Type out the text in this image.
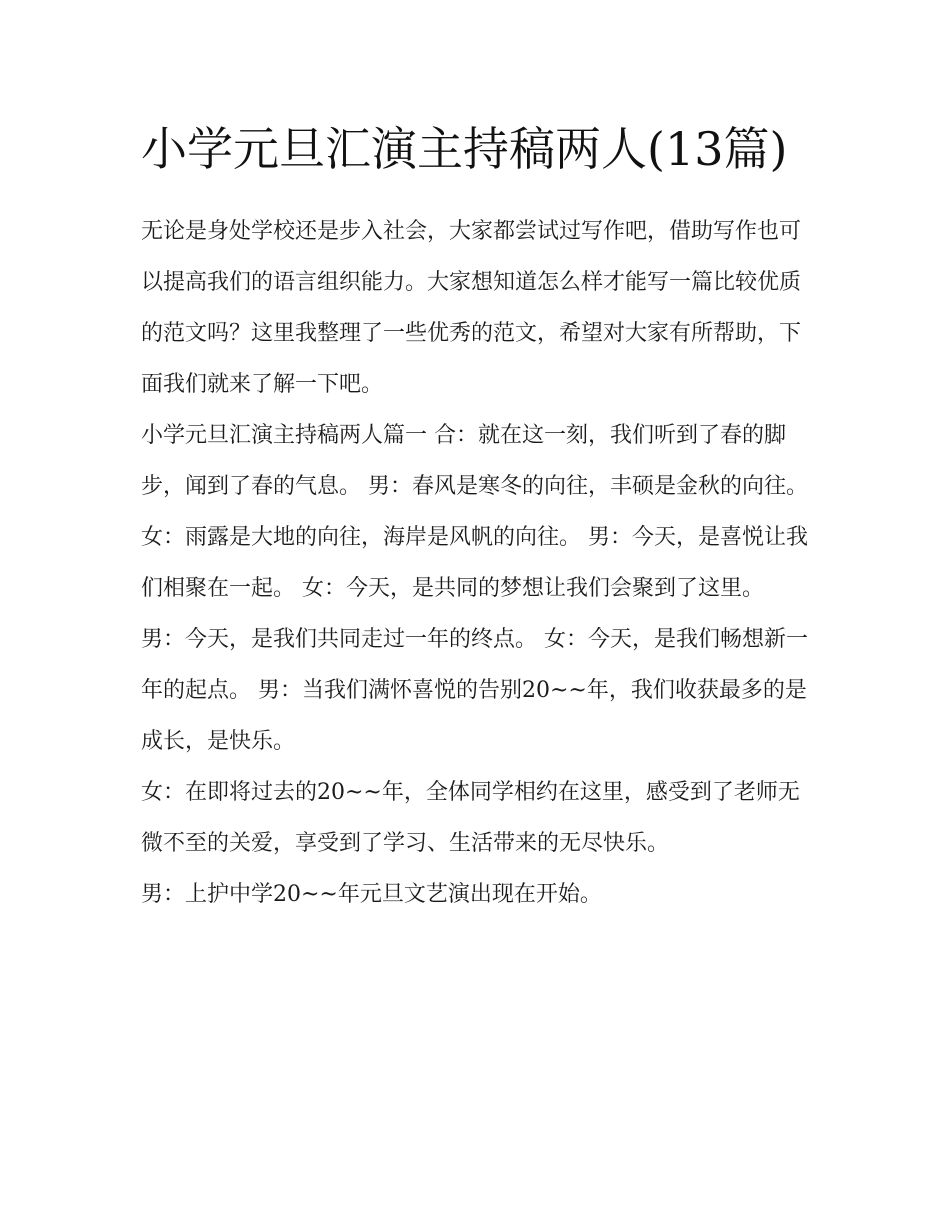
小学元旦汇演主持稿两人(13篇)

无论是身处学校还是步入社会，大家都尝试过写作吧，借助写作也可以提高我们的语言组织能力。大家想知道怎么样才能写一篇比较优质的范文吗？这里我整理了一些优秀的范文，希望对大家有所帮助，下面我们就来了解一下吧。

小学元旦汇演主持稿两人篇一 合：就在这一刻，我们听到了春的脚步，闻到了春的气息。 男：春风是寒冬的向往，丰硕是金秋的向往。

女：雨露是大地的向往，海岸是风帆的向往。 男：今天，是喜悦让我们相聚在一起。 女：今天，是共同的梦想让我们会聚到了这里。

男：今天，是我们共同走过一年的终点。 女：今天，是我们畅想新一年的起点。 男：当我们满怀喜悦的告别20~~年，我们收获最多的是成长，是快乐。

女：在即将过去的20~~年，全体同学相约在这里，感受到了老师无微不至的关爱，享受到了学习、生活带来的无尽快乐。

男：上护中学20~~年元旦文艺演出现在开始。
